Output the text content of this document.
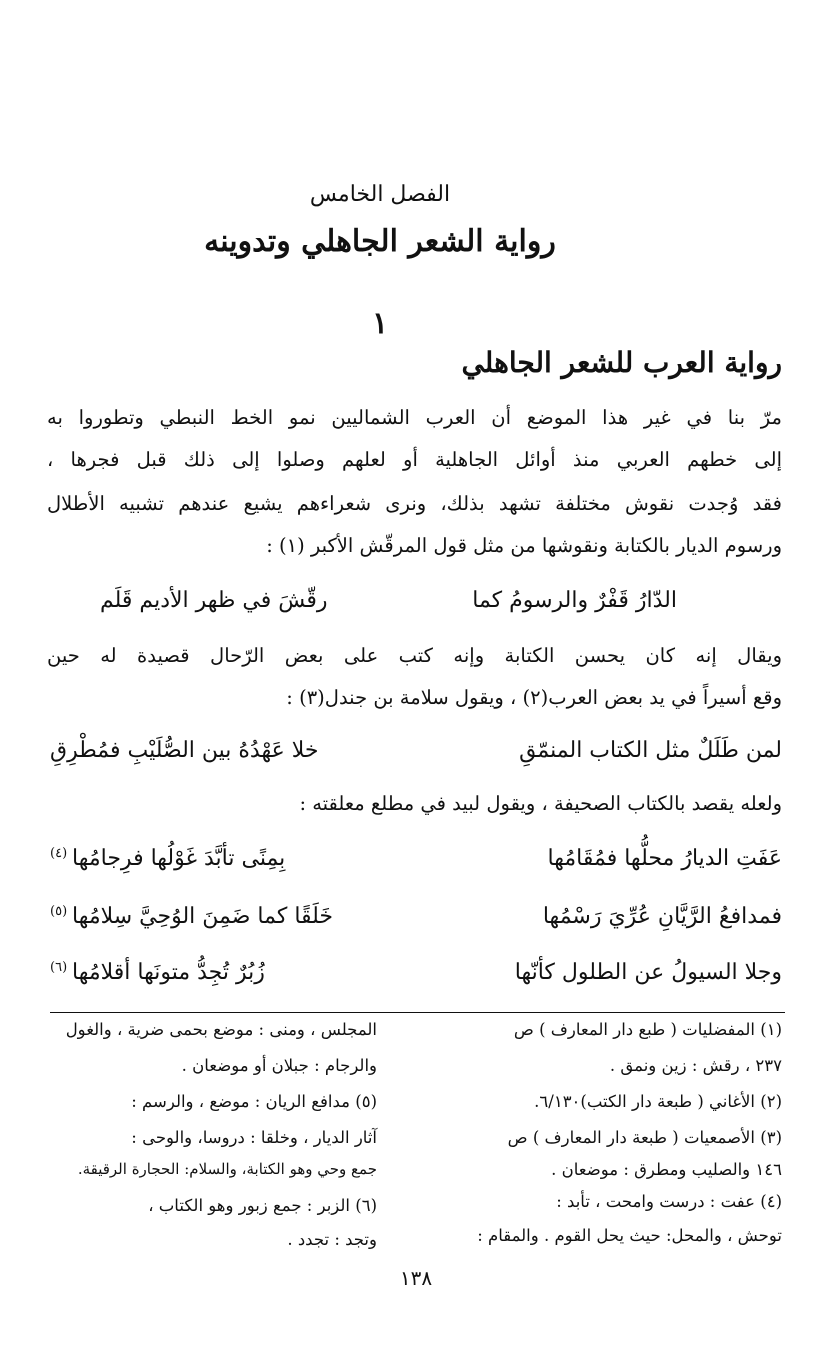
الفصل الخامس
رواية الشعر الجاهلي وتدوينه
١
رواية العرب للشعر الجاهلي
مرّ بنا في غير هذا الموضع أن العرب الشماليين نمو الخط النبطي وتطوروا به
إلى خطهم العربي منذ أوائل الجاهلية أو لعلهم وصلوا إلى ذلك قبل فجرها ،
فقد وُجدت نقوش مختلفة تشهد بذلك، ونرى شعراءهم يشيع عندهم تشبيه الأطلال
ورسوم الديار بالكتابة ونقوشها من مثل قول المرقّش الأكبر (١) :
الدّارُ قَفْرٌ والرسومُ كما
رقّشَ في ظهر الأديم قَلَم
ويقال إنه كان يحسن الكتابة وإنه كتب على بعض الرّحال قصيدة له حين
وقع أسيراً في يد بعض العرب(٢) ، ويقول سلامة بن جندل(٣) :
لمن طَلَلٌ مثل الكتاب المنمّقِ
خلا عَهْدُهُ بين الصُّلَيْبِ فمُطْرِقِ
ولعله يقصد بالكتاب الصحيفة ، ويقول لبيد في مطلع معلقته :
عَفَتِ الديارُ محلُّها فمُقَامُها
بِمِنًى تأبَّدَ غَوْلُها فرِجامُها
(٤)
فمدافعُ الرَّيَّانِ عُرِّيَ رَسْمُها
خَلَقًا كما ضَمِنَ الوُحِيَّ سِلامُها
(٥)
وجلا السيولُ عن الطلول كأنّها
زُبُرٌ تُجِدُّ متونَها أقلامُها
(٦)
(١) المفضليات ( طبع دار المعارف ) ص
٢٣٧ ، رقش : زين ونمق .
(٢) الأغاني ( طبعة دار الكتب)٦/١٣٠.
(٣) الأصمعيات ( طبعة دار المعارف ) ص
١٤٦ والصليب ومطرق : موضعان .
(٤) عفت : درست وامحت ، تأبد :
توحش ، والمحل: حيث يحل القوم . والمقام :
المجلس ، ومنى : موضع بحمى ضرية ، والغول
والرجام : جبلان أو موضعان .
(٥) مدافع الريان : موضع ، والرسم :
آثار الديار ، وخلقا : دروسا، والوحى :
جمع وحي وهو الكتابة، والسلام: الحجارة الرقيقة.
(٦) الزبر : جمع زبور وهو الكتاب ،
وتجد : تجدد .
١٣٨
